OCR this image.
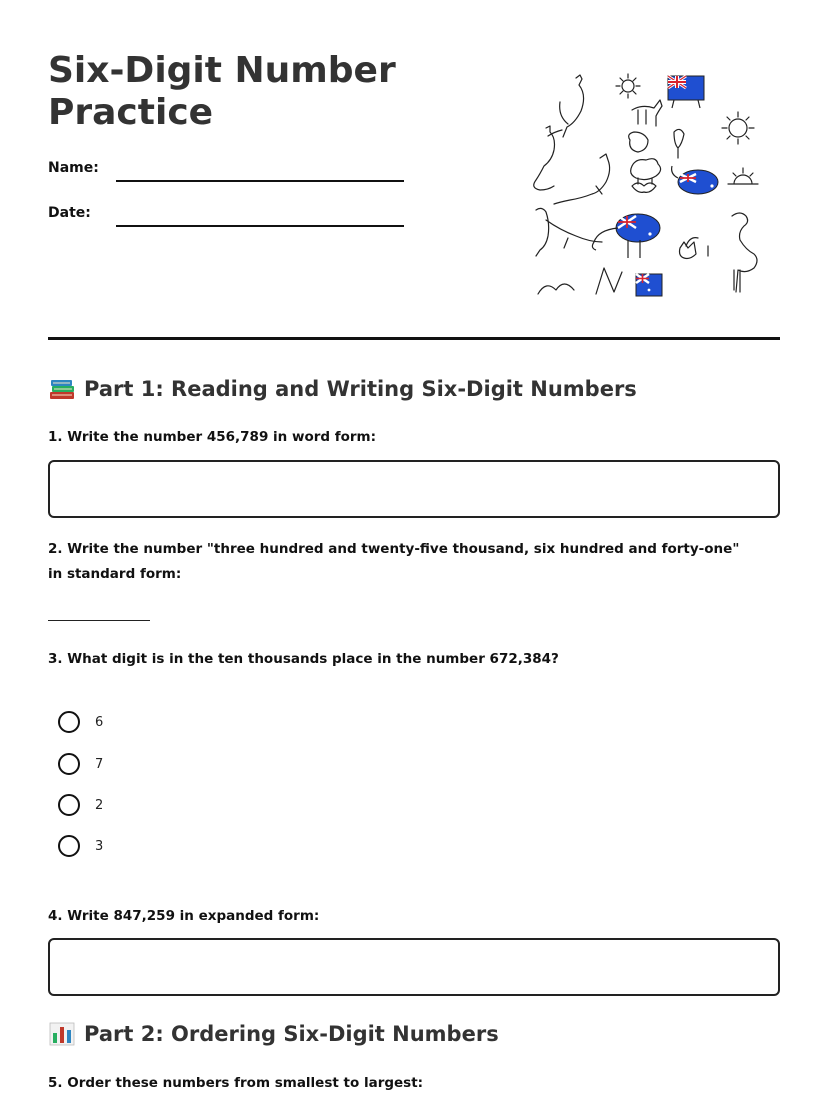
Six-Digit Number Practice
Name:
Date:
Part 1: Reading and Writing Six-Digit Numbers
1. Write the number 456,789 in word form:
2. Write the number "three hundred and twenty-five thousand, six hundred and forty-one" in standard form:
3. What digit is in the ten thousands place in the number 672,384?
6
7
2
3
4. Write 847,259 in expanded form:
Part 2: Ordering Six-Digit Numbers
5. Order these numbers from smallest to largest:
